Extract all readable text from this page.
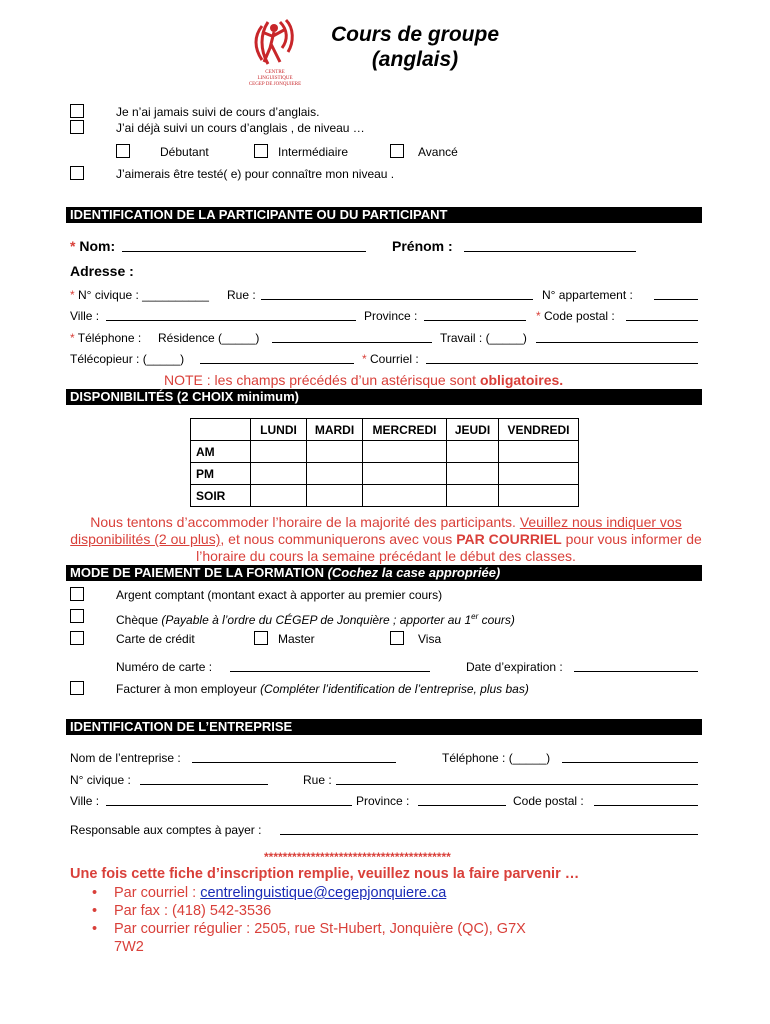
CENTRE
LINGUISTIQUE
CEGEP DE JONQUIERE
Cours de groupe
(anglais)
Je n’ai jamais suivi de cours d’anglais.
J’ai déjà suivi un cours d’anglais , de niveau …
Débutant	Intermédiaire	Avancé
J’aimerais être testé( e) pour connaître mon niveau .
IDENTIFICATION DE LA PARTICIPANTE OU DU PARTICIPANT
* Nom:	Prénom :
Adresse :
* N° civique : __________ Rue :	N° appartement :
Ville :	Province :	* Code postal :
* Téléphone : Résidence (_____)	Travail : (_____)
Télécopieur : (_____)	* Courriel :
NOTE : les champs précédés d’un astérisque sont obligatoires.
DISPONIBILITÉS (2 CHOIX minimum)
	LUNDI	MARDI	MERCREDI	JEUDI	VENDREDI
AM					
PM					
SOIR					
Nous tentons d’accommoder l’horaire de la majorité des participants. Veuillez nous indiquer vos disponibilités (2 ou plus), et nous communiquerons avec vous PAR COURRIEL pour vous informer de l’horaire du cours la semaine précédant le début des classes.
MODE DE PAIEMENT DE LA FORMATION (Cochez la case appropriée)
Argent comptant (montant exact à apporter au premier cours)
Chèque (Payable à l’ordre du CÉGEP de Jonquière ; apporter au 1er cours)
Carte de crédit	Master	Visa
Numéro de carte :	Date d’expiration :
Facturer à mon employeur (Compléter l’identification de l’entreprise, plus bas)
IDENTIFICATION DE L’ENTREPRISE
Nom de l’entreprise :	Téléphone : (_____)
N° civique :	Rue :
Ville :	Province :	Code postal :
Responsable aux comptes à payer :
****************************************
Une fois cette fiche d’inscription remplie, veuillez nous la faire parvenir …
• Par courriel : centrelinguistique@cegepjonquiere.ca
• Par fax : (418) 542-3536
• Par courrier régulier : 2505, rue St-Hubert, Jonquière (QC), G7X
7W2
